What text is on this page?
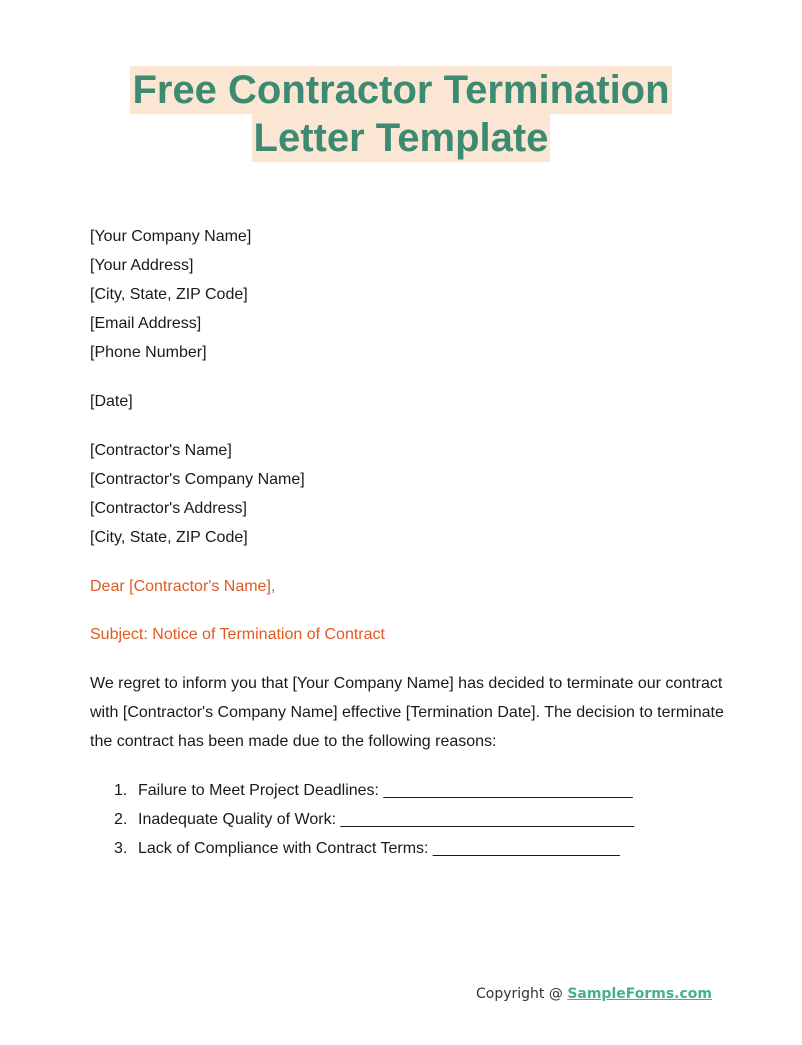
Free Contractor Termination
Letter Template
[Your Company Name]
[Your Address]
[City, State, ZIP Code]
[Email Address]
[Phone Number]
[Date]
[Contractor's Name]
[Contractor's Company Name]
[Contractor's Address]
[City, State, ZIP Code]
Dear [Contractor's Name],
Subject: Notice of Termination of Contract

We regret to inform you that [Your Company Name] has decided to terminate our contract with [Contractor's Company Name] effective [Termination Date]. The decision to terminate the contract has been made due to the following reasons:

1. Failure to Meet Project Deadlines: ____________________________
2. Inadequate Quality of Work: _________________________________
3. Lack of Compliance with Contract Terms: _____________________
Copyright @ SampleForms.com
